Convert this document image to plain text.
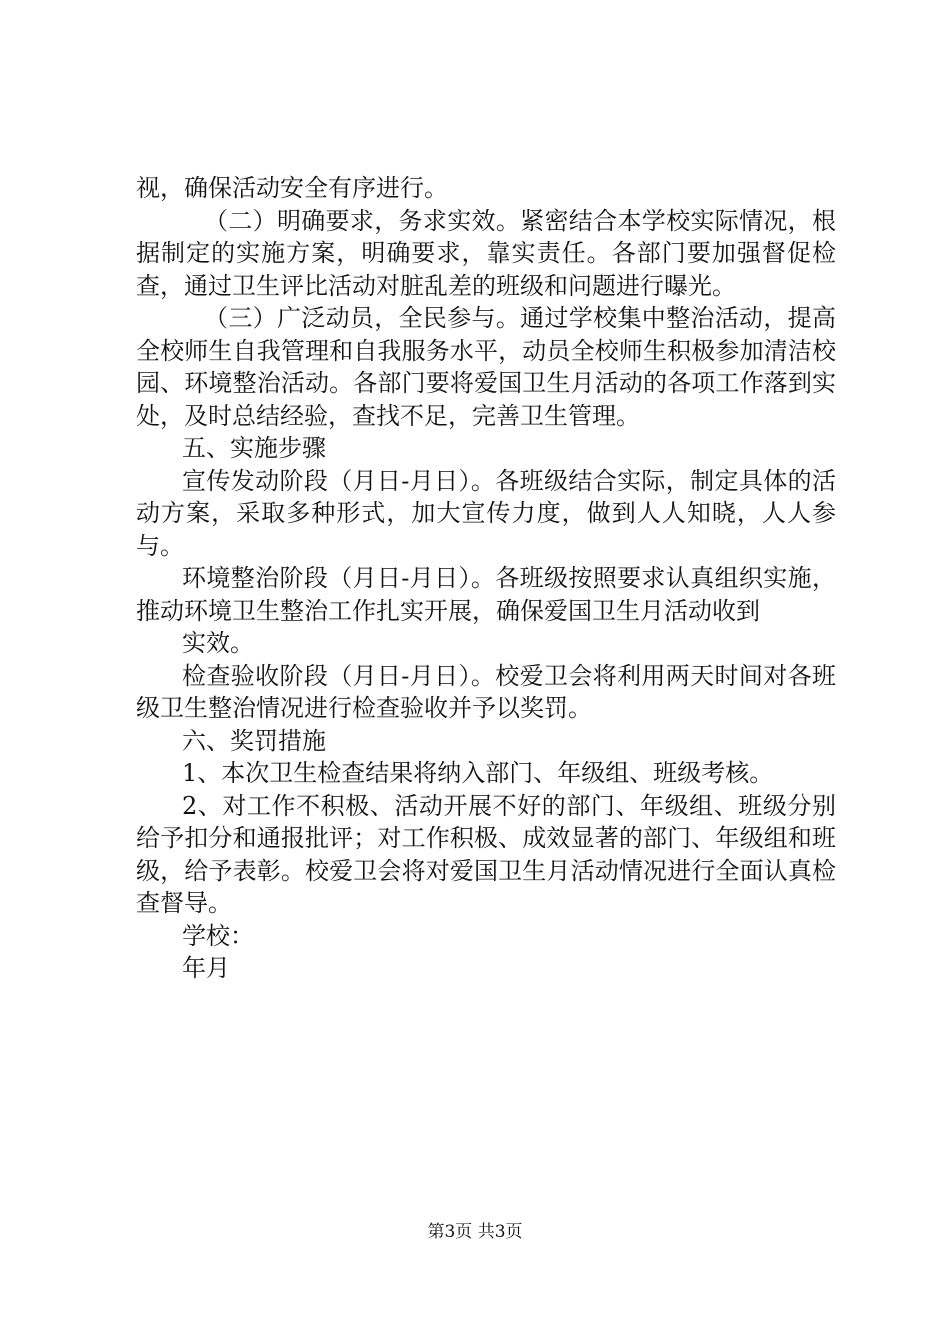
视，确保活动安全有序进行。

（二）明确要求，务求实效。紧密结合本学校实际情况，根据制定的实施方案，明确要求，靠实责任。各部门要加强督促检查，通过卫生评比活动对脏乱差的班级和问题进行曝光。

（三）广泛动员，全民参与。通过学校集中整治活动，提高全校师生自我管理和自我服务水平，动员全校师生积极参加清洁校园、环境整治活动。各部门要将爱国卫生月活动的各项工作落到实处，及时总结经验，查找不足，完善卫生管理。

五、实施步骤

宣传发动阶段（月日-月日）。各班级结合实际，制定具体的活动方案，采取多种形式，加大宣传力度，做到人人知晓，人人参与。

环境整治阶段（月日-月日）。各班级按照要求认真组织实施，推动环境卫生整治工作扎实开展，确保爱国卫生月活动收到

实效。

检查验收阶段（月日-月日）。校爱卫会将利用两天时间对各班级卫生整治情况进行检查验收并予以奖罚。

六、奖罚措施

1、本次卫生检查结果将纳入部门、年级组、班级考核。

2、对工作不积极、活动开展不好的部门、年级组、班级分别给予扣分和通报批评；对工作积极、成效显著的部门、年级组和班级，给予表彰。校爱卫会将对爱国卫生月活动情况进行全面认真检查督导。

学校：

年月

第3页 共3页
